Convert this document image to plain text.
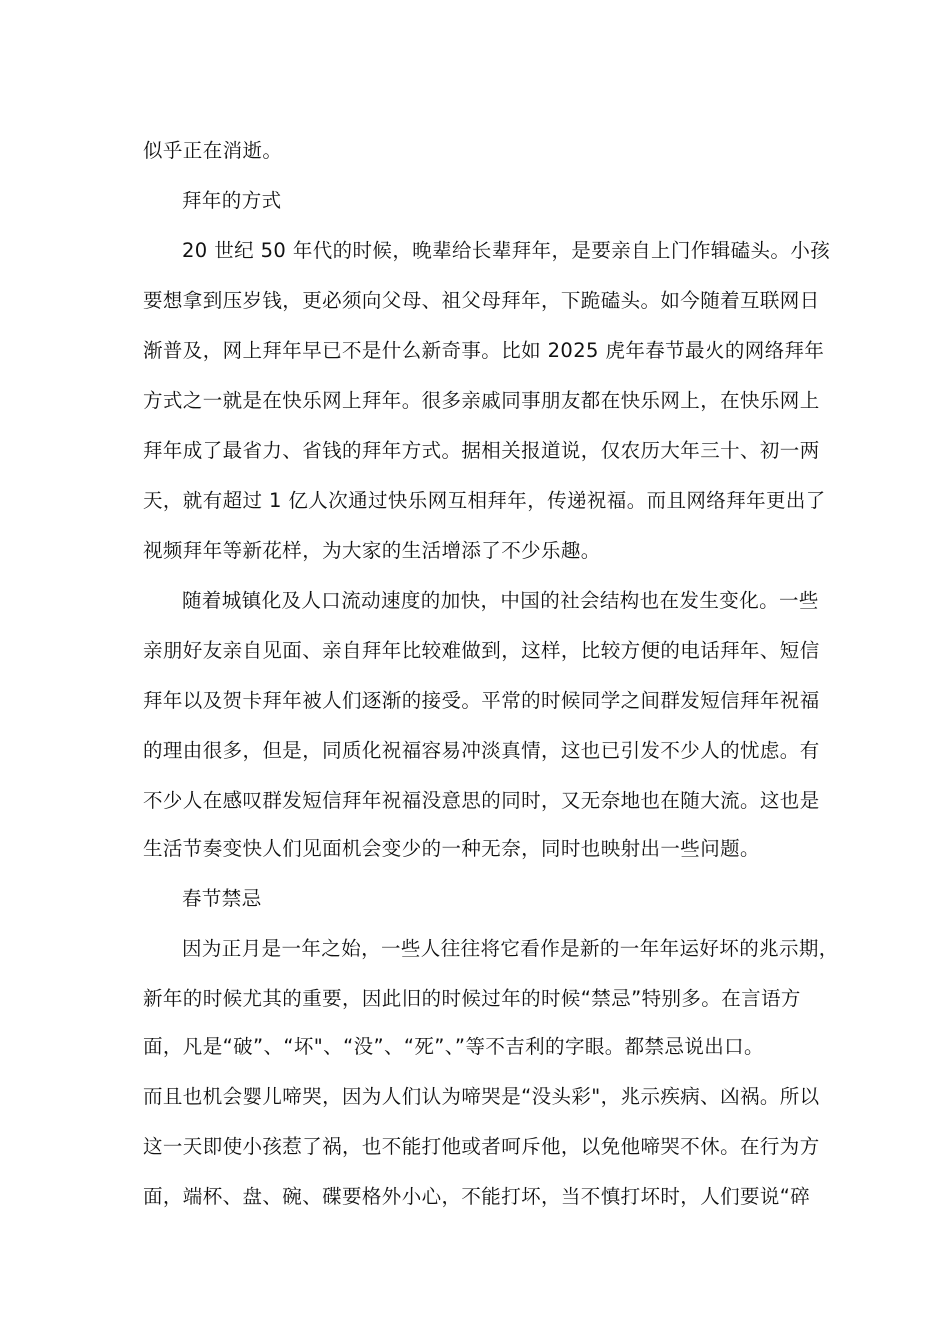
似乎正在消逝。
拜年的方式
20 世纪 50 年代的时候，晚辈给长辈拜年，是要亲自上门作辑磕头。小孩
要想拿到压岁钱，更必须向父母、祖父母拜年，下跪磕头。如今随着互联网日
渐普及，网上拜年早已不是什么新奇事。比如 2025 虎年春节最火的网络拜年
方式之一就是在快乐网上拜年。很多亲戚同事朋友都在快乐网上，在快乐网上
拜年成了最省力、省钱的拜年方式。据相关报道说，仅农历大年三十、初一两
天，就有超过 1 亿人次通过快乐网互相拜年，传递祝福。而且网络拜年更出了
视频拜年等新花样，为大家的生活增添了不少乐趣。
随着城镇化及人口流动速度的加快，中国的社会结构也在发生变化。一些
亲朋好友亲自见面、亲自拜年比较难做到，这样，比较方便的电话拜年、短信
拜年以及贺卡拜年被人们逐渐的接受。平常的时候同学之间群发短信拜年祝福
的理由很多，但是，同质化祝福容易冲淡真情，这也已引发不少人的忧虑。有
不少人在感叹群发短信拜年祝福没意思的同时，又无奈地也在随大流。这也是
生活节奏变快人们见面机会变少的一种无奈，同时也映射出一些问题。
春节禁忌
因为正月是一年之始，一些人往往将它看作是新的一年年运好坏的兆示期，
新年的时候尤其的重要，因此旧的时候过年的时候“禁忌”特别多。在言语方
面，凡是“破”、“坏"、“没”、“死”、”等不吉利的字眼。都禁忌说出口。
而且也机会婴儿啼哭，因为人们认为啼哭是“没头彩"，兆示疾病、凶祸。所以
这一天即使小孩惹了祸，也不能打他或者呵斥他，以免他啼哭不休。在行为方
面，端杯、盘、碗、碟要格外小心，不能打坏，当不慎打坏时，人们要说“碎
